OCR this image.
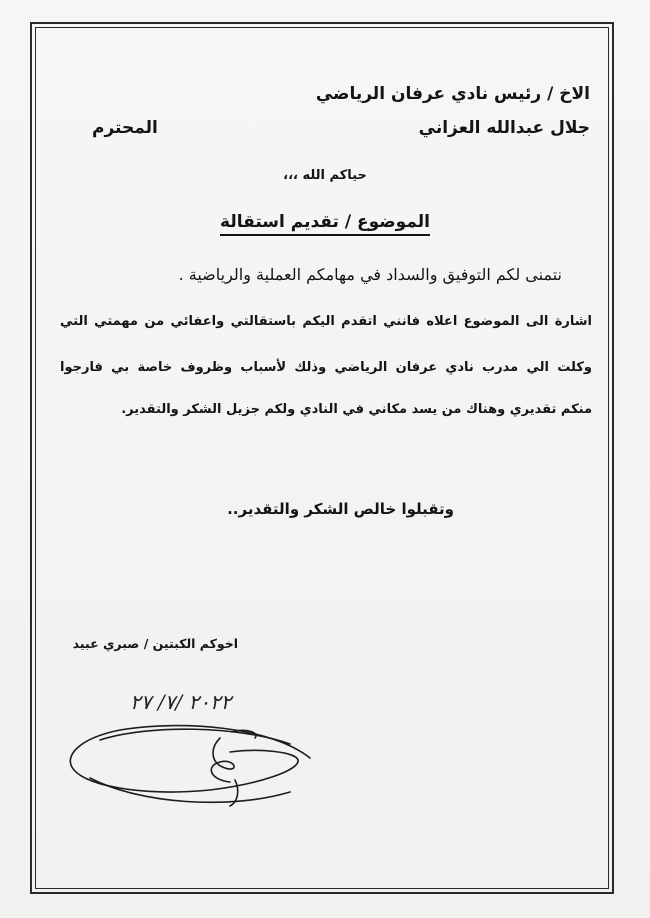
الاخ / رئيس نادي عرفان الرياضي
جلال عبدالله العزاني
المحترم
حياكم الله ،،،
الموضوع / تقديم استقالة
نتمنى لكم التوفيق والسداد في مهامكم العملية والرياضية .
اشارة الى الموضوع اعلاه فانني اتقدم اليكم باستقالتي واعفائي من مهمتي التي
وكلت الي مدرب نادي عرفان الرياضي وذلك لأسباب وظروف خاصة بي فارجوا
منكم تقديري وهناك من يسد مكاني في النادي ولكم جزيل الشكر والتقدير.
وتقبلوا خالص الشكر والتقدير..
اخوكم الكبتين / صبري عبيد
٢٠٢٢ /٧/ ٢٧
